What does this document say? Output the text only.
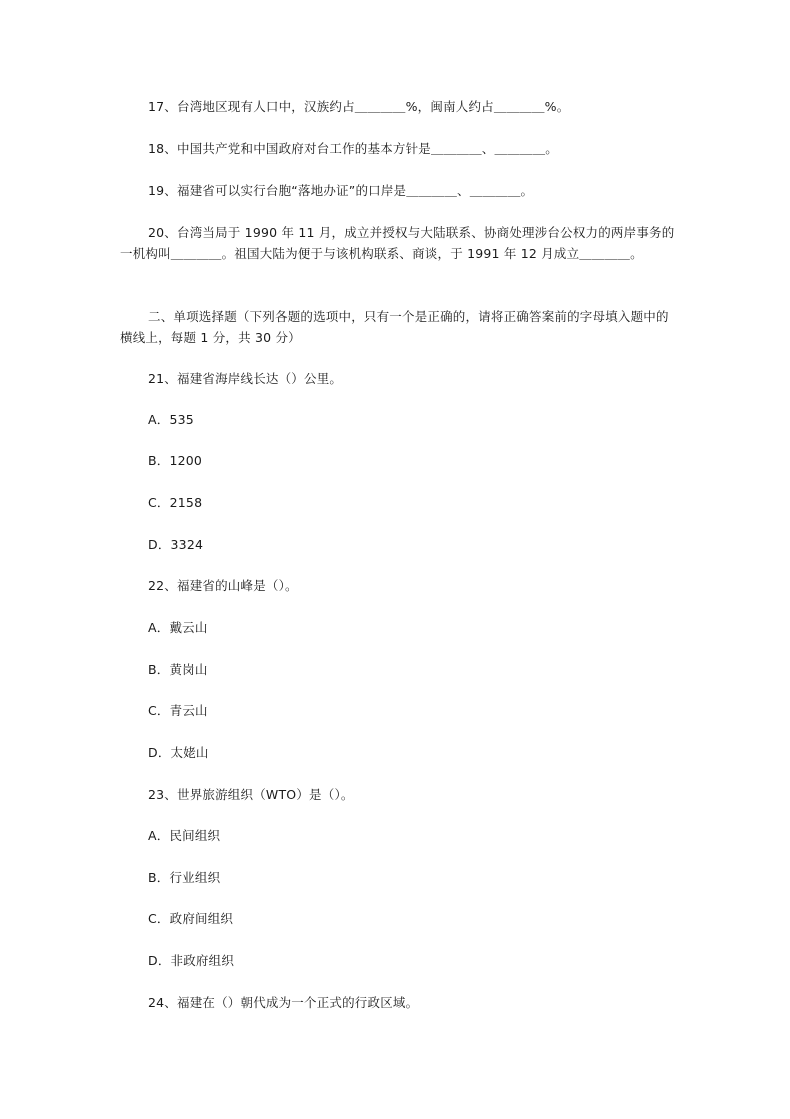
17、台湾地区现有人口中，汉族约占＿＿＿＿%，闽南人约占＿＿＿＿%。
18、中国共产党和中国政府对台工作的基本方针是＿＿＿＿、＿＿＿＿。
19、福建省可以实行台胞“落地办证”的口岸是＿＿＿＿、＿＿＿＿。
20、台湾当局于 1990 年 11 月，成立并授权与大陆联系、协商处理涉台公权力的两岸事务的一机构叫＿＿＿＿。祖国大陆为便于与该机构联系、商谈，于 1991 年 12 月成立＿＿＿＿。
二、单项选择题（下列各题的选项中，只有一个是正确的，请将正确答案前的字母填入题中的横线上，每题 1 分，共 30 分）
21、福建省海岸线长达（）公里。
A．535
B．1200
C．2158
D．3324
22、福建省的山峰是（）。
A．戴云山
B．黄岗山
C．青云山
D．太姥山
23、世界旅游组织（WTO）是（）。
A．民间组织
B．行业组织
C．政府间组织
D．非政府组织
24、福建在（）朝代成为一个正式的行政区域。
